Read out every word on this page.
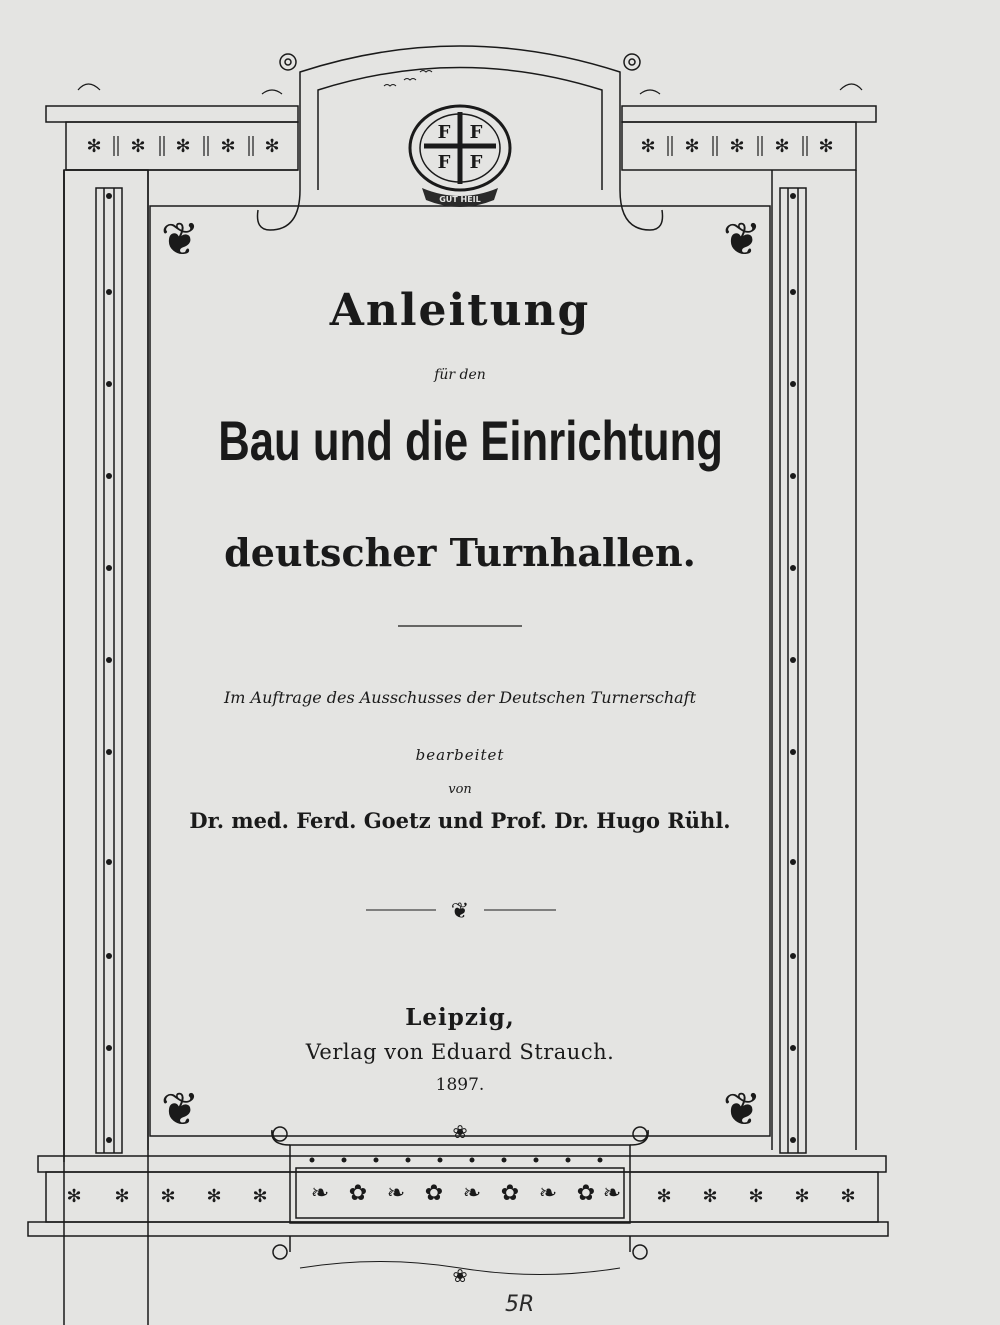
✻ ✻ ✻ ✻ ✻	✻ ✻ ✻ ✻ ✻
✻ ✻ ✻ ✻ ✻	✻ ✻ ✻ ✻ ✻
❦	❦
❦	❦
❧ ✿ ❧ ✿ ❧ ✿ ❧ ✿ ❧
F F
F F
GUT HEIL
❦
❀
❀
Anleitung
für den
Bau und die Einrichtung
deutscher Turnhallen.
Im Auftrage des Ausschusses der Deutschen Turnerschaft
bearbeitet
von
Dr. med. Ferd. Goetz und Prof. Dr. Hugo Rühl.
Leipzig,
Verlag von Eduard Strauch.
1897.
5R
